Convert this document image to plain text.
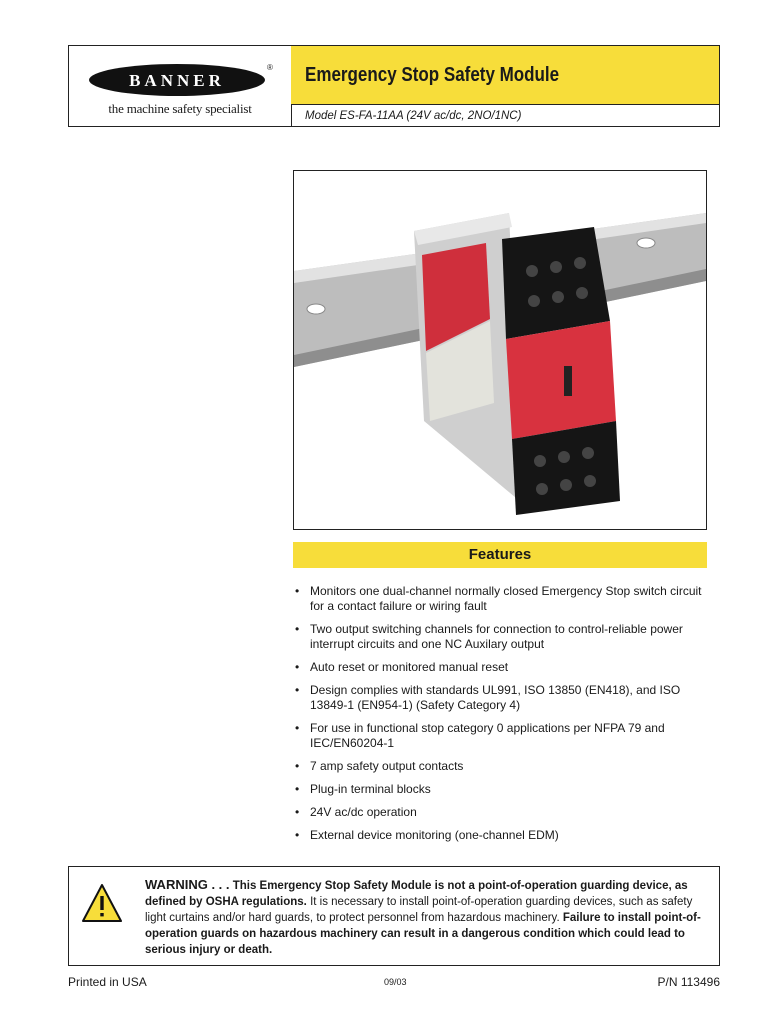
BANNER
®
the machine safety specialist
Emergency Stop Safety Module
Model ES-FA-11AA (24V ac/dc, 2NO/1NC)
Features
• Monitors one dual-channel normally closed Emergency Stop switch circuit for a contact failure or wiring fault
• Two output switching channels for connection to control-reliable power interrupt circuits and one NC Auxilary output
• Auto reset or monitored manual reset
• Design complies with standards UL991, ISO 13850 (EN418), and ISO 13849-1 (EN954-1) (Safety Category 4)
• For use in functional stop category 0 applications per NFPA 79 and IEC/EN60204-1
• 7 amp safety output contacts
• Plug-in terminal blocks
• 24V ac/dc operation
• External device monitoring (one-channel EDM)
WARNING . . . This Emergency Stop Safety Module is not a point-of-operation guarding device, as defined by OSHA regulations. It is necessary to install point-of-operation guarding devices, such as safety light curtains and/or hard guards, to protect personnel from hazardous machinery. Failure to install point-of-operation guards on hazardous machinery can result in a dangerous condition which could lead to serious injury or death.
Printed in USA	09/03	P/N 113496
